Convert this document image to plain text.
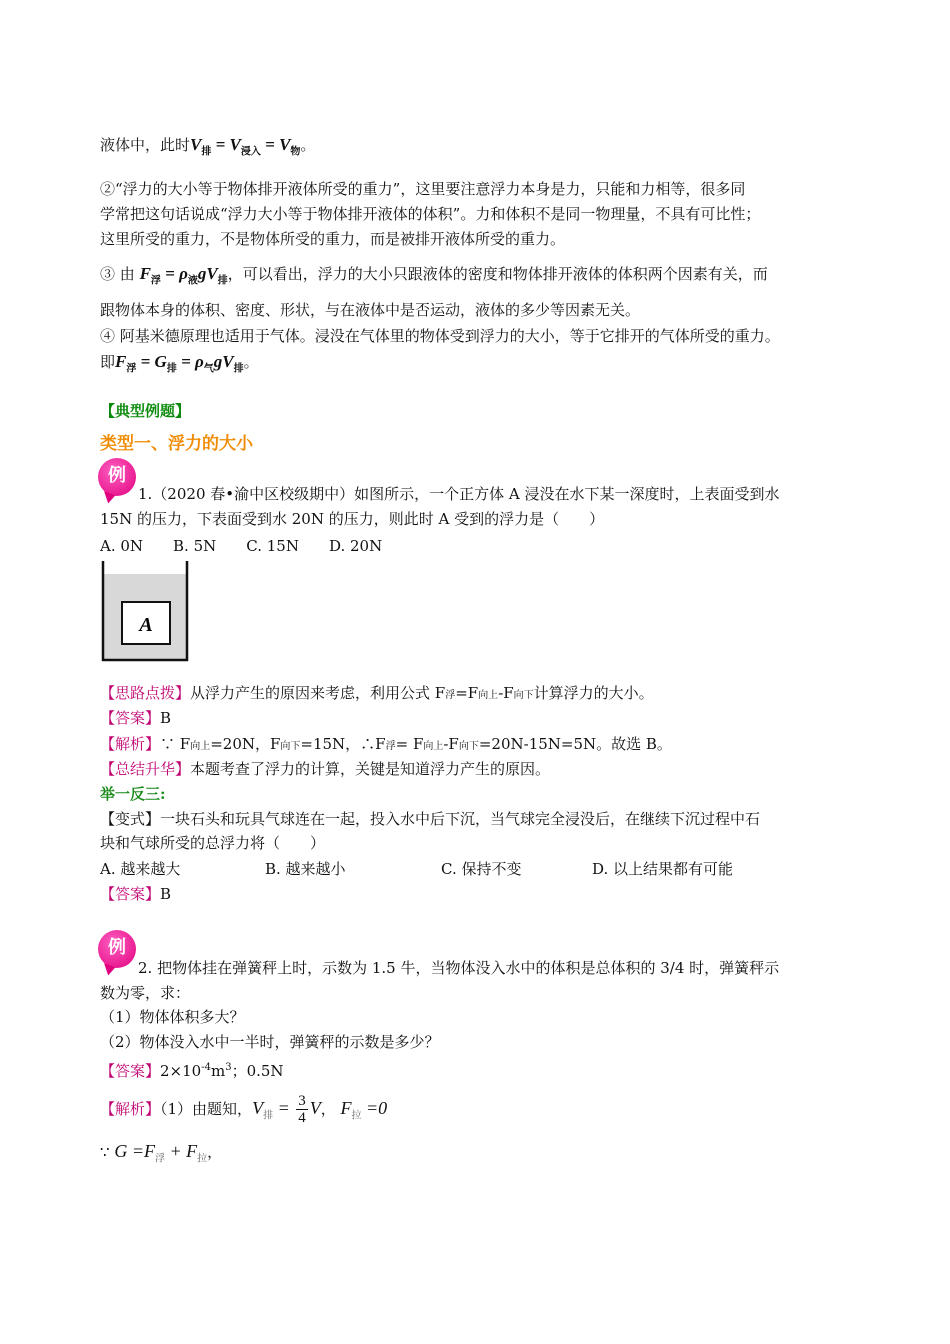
液体中，此时$V_排 = V_{浸入} = V_物$。
②“浮力的大小等于物体排开液体所受的重力”，这里要注意浮力本身是力，只能和力相等，很多同
学常把这句话说成“浮力大小等于物体排开液体的体积”。力和体积不是同一物理量，不具有可比性；
这里所受的重力，不是物体所受的重力，而是被排开液体所受的重力。
③ 由 $F_浮 = \rho_液gV_排$，可以看出，浮力的大小只跟液体的密度和物体排开液体的体积两个因素有关，而
跟物体本身的体积、密度、形状，与在液体中是否运动，液体的多少等因素无关。
④ 阿基米德原理也适用于气体。浸没在气体里的物体受到浮力的大小，等于它排开的气体所受的重力。
即$F_浮 = G_排 = \rho_气gV_排$。
【典型例题】
类型一、浮力的大小
例
1.（2020 春•渝中区校级期中）如图所示，一个正方体 A 浸没在水下某一深度时，上表面受到水
15N 的压力，下表面受到水 20N 的压力，则此时 A 受到的浮力是（　　）
A. 0N　　B. 5N　　C. 15N　　D. 20N
A
【思路点拨】从浮力产生的原因来考虑，利用公式 F浮=F向上-F向下计算浮力的大小。
【答案】B
【解析】∵ F向上=20N，F向下=15N，∴F浮= F向上-F向下=20N-15N=5N。故选 B。
【总结升华】本题考查了浮力的计算，关键是知道浮力产生的原因。
举一反三:
【变式】一块石头和玩具气球连在一起，投入水中后下沉，当气球完全浸没后，在继续下沉过程中石
块和气球所受的总浮力将（　　）
A. 越来越大	B. 越来越小	C. 保持不变	D. 以上结果都有可能
【答案】B
例
2. 把物体挂在弹簧秤上时，示数为 1.5 牛，当物体没入水中的体积是总体积的 3/4 时，弹簧秤示
数为零，求：
（1）物体体积多大？
（2）物体没入水中一半时，弹簧秤的示数是多少？
【答案】$2\times 10^{-4}m^3$；0.5N
【解析】（1）由题知，$V_排 = \frac{3}{4}$ V， $F_拉 =0$
∵ $G =F_浮 + F_拉$，
